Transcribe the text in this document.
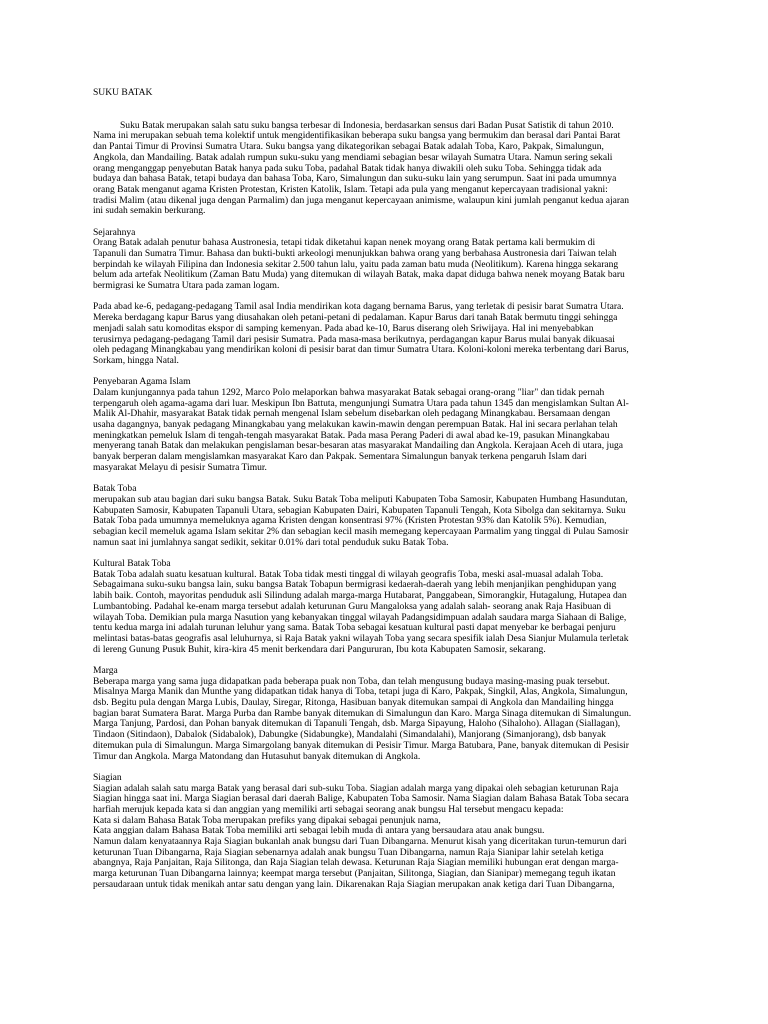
SUKU BATAK
Suku Batak merupakan salah satu suku bangsa terbesar di Indonesia, berdasarkan sensus dari Badan Pusat Satistik di tahun 2010.
Nama ini merupakan sebuah tema kolektif untuk mengidentifikasikan beberapa suku bangsa yang bermukim dan berasal dari Pantai Barat
dan Pantai Timur di Provinsi Sumatra Utara. Suku bangsa yang dikategorikan sebagai Batak adalah Toba, Karo, Pakpak, Simalungun,
Angkola, dan Mandailing. Batak adalah rumpun suku-suku yang mendiami sebagian besar wilayah Sumatra Utara. Namun sering sekali
orang menganggap penyebutan Batak hanya pada suku Toba, padahal Batak tidak hanya diwakili oleh suku Toba. Sehingga tidak ada
budaya dan bahasa Batak, tetapi budaya dan bahasa Toba, Karo, Simalungun dan suku-suku lain yang serumpun. Saat ini pada umumnya
orang Batak menganut agama Kristen Protestan, Kristen Katolik, Islam. Tetapi ada pula yang menganut kepercayaan tradisional yakni:
tradisi Malim (atau dikenal juga dengan Parmalim) dan juga menganut kepercayaan animisme, walaupun kini jumlah penganut kedua ajaran
ini sudah semakin berkurang.
Sejarahnya
Orang Batak adalah penutur bahasa Austronesia, tetapi tidak diketahui kapan nenek moyang orang Batak pertama kali bermukim di
Tapanuli dan Sumatra Timur. Bahasa dan bukti-bukti arkeologi menunjukkan bahwa orang yang berbahasa Austronesia dari Taiwan telah
berpindah ke wilayah Filipina dan Indonesia sekitar 2.500 tahun lalu, yaitu pada zaman batu muda (Neolitikum). Karena hingga sekarang
belum ada artefak Neolitikum (Zaman Batu Muda) yang ditemukan di wilayah Batak, maka dapat diduga bahwa nenek moyang Batak baru
bermigrasi ke Sumatra Utara pada zaman logam.
Pada abad ke-6, pedagang-pedagang Tamil asal India mendirikan kota dagang bernama Barus, yang terletak di pesisir barat Sumatra Utara.
Mereka berdagang kapur Barus yang diusahakan oleh petani-petani di pedalaman. Kapur Barus dari tanah Batak bermutu tinggi sehingga
menjadi salah satu komoditas ekspor di samping kemenyan. Pada abad ke-10, Barus diserang oleh Sriwijaya. Hal ini menyebabkan
terusirnya pedagang-pedagang Tamil dari pesisir Sumatra. Pada masa-masa berikutnya, perdagangan kapur Barus mulai banyak dikuasai
oleh pedagang Minangkabau yang mendirikan koloni di pesisir barat dan timur Sumatra Utara. Koloni-koloni mereka terbentang dari Barus,
Sorkam, hingga Natal.
Penyebaran Agama Islam
Dalam kunjungannya pada tahun 1292, Marco Polo melaporkan bahwa masyarakat Batak sebagai orang-orang "liar" dan tidak pernah
terpengaruh oleh agama-agama dari luar. Meskipun Ibn Battuta, mengunjungi Sumatra Utara pada tahun 1345 dan mengislamkan Sultan Al-
Malik Al-Dhahir, masyarakat Batak tidak pernah mengenal Islam sebelum disebarkan oleh pedagang Minangkabau. Bersamaan dengan
usaha dagangnya, banyak pedagang Minangkabau yang melakukan kawin-mawin dengan perempuan Batak. Hal ini secara perlahan telah
meningkatkan pemeluk Islam di tengah-tengah masyarakat Batak. Pada masa Perang Paderi di awal abad ke-19, pasukan Minangkabau
menyerang tanah Batak dan melakukan pengislaman besar-besaran atas masyarakat Mandailing dan Angkola. Kerajaan Aceh di utara, juga
banyak berperan dalam mengislamkan masyarakat Karo dan Pakpak. Sementara Simalungun banyak terkena pengaruh Islam dari
masyarakat Melayu di pesisir Sumatra Timur.
Batak Toba
merupakan sub atau bagian dari suku bangsa Batak. Suku Batak Toba meliputi Kabupaten Toba Samosir, Kabupaten Humbang Hasundutan,
Kabupaten Samosir, Kabupaten Tapanuli Utara, sebagian Kabupaten Dairi, Kabupaten Tapanuli Tengah, Kota Sibolga dan sekitarnya. Suku
Batak Toba pada umumnya memeluknya agama Kristen dengan konsentrasi 97% (Kristen Protestan 93% dan Katolik 5%). Kemudian,
sebagian kecil memeluk agama Islam sekitar 2% dan sebagian kecil masih memegang kepercayaan Parmalim yang tinggal di Pulau Samosir
namun saat ini jumlahnya sangat sedikit, sekitar 0.01% dari total penduduk suku Batak Toba.
Kultural Batak Toba
Batak Toba adalah suatu kesatuan kultural. Batak Toba tidak mesti tinggal di wilayah geografis Toba, meski asal-muasal adalah Toba.
Sebagaimana suku-suku bangsa lain, suku bangsa Batak Tobapun bermigrasi kedaerah-daerah yang lebih menjanjikan penghidupan yang
labih baik. Contoh, mayoritas penduduk asli Silindung adalah marga-marga Hutabarat, Panggabean, Simorangkir, Hutagalung, Hutapea dan
Lumbantobing. Padahal ke-enam marga tersebut adalah keturunan Guru Mangaloksa yang adalah salah- seorang anak Raja Hasibuan di
wilayah Toba. Demikian pula marga Nasution yang kebanyakan tinggal wilayah Padangsidimpuan adalah saudara marga Siahaan di Balige,
tentu kedua marga ini adalah turunan leluhur yang sama. Batak Toba sebagai kesatuan kultural pasti dapat menyebar ke berbagai penjuru
melintasi batas-batas geografis asal leluhurnya, si Raja Batak yakni wilayah Toba yang secara spesifik ialah Desa Sianjur Mulamula terletak
di lereng Gunung Pusuk Buhit, kira-kira 45 menit berkendara dari Pangururan, Ibu kota Kabupaten Samosir, sekarang.
Marga
Beberapa marga yang sama juga didapatkan pada beberapa puak non Toba, dan telah mengusung budaya masing-masing puak tersebut.
Misalnya Marga Manik dan Munthe yang didapatkan tidak hanya di Toba, tetapi juga di Karo, Pakpak, Singkil, Alas, Angkola, Simalungun,
dsb. Begitu pula dengan Marga Lubis, Daulay, Siregar, Ritonga, Hasibuan banyak ditemukan sampai di Angkola dan Mandailing hingga
bagian barat Sumatera Barat. Marga Purba dan Rambe banyak ditemukan di Simalungun dan Karo. Marga Sinaga ditemukan di Simalungun.
Marga Tanjung, Pardosi, dan Pohan banyak ditemukan di Tapanuli Tengah, dsb. Marga Sipayung, Haloho (Sihaloho). Allagan (Siallagan),
Tindaon (Sitindaon), Dabalok (Sidabalok), Dabungke (Sidabungke), Mandalahi (Simandalahi), Manjorang (Simanjorang), dsb banyak
ditemukan pula di Simalungun. Marga Simargolang banyak ditemukan di Pesisir Timur. Marga Batubara, Pane, banyak ditemukan di Pesisir
Timur dan Angkola. Marga Matondang dan Hutasuhut banyak ditemukan di Angkola.
Siagian
Siagian adalah salah satu marga Batak yang berasal dari sub-suku Toba. Siagian adalah marga yang dipakai oleh sebagian keturunan Raja
Siagian hingga saat ini. Marga Siagian berasal dari daerah Balige, Kabupaten Toba Samosir. Nama Siagian dalam Bahasa Batak Toba secara
harfiah merujuk kepada kata si dan anggian yang memiliki arti sebagai seorang anak bungsu Hal tersebut mengacu kepada:
Kata si dalam Bahasa Batak Toba merupakan prefiks yang dipakai sebagai penunjuk nama,
Kata anggian dalam Bahasa Batak Toba memiliki arti sebagai lebih muda di antara yang bersaudara atau anak bungsu.
Namun dalam kenyataannya Raja Siagian bukanlah anak bungsu dari Tuan Dibangarna. Menurut kisah yang diceritakan turun-temurun dari
keturunan Tuan Dibangarna, Raja Siagian sebenarnya adalah anak bungsu Tuan Dibangarna, namun Raja Sianipar lahir setelah ketiga
abangnya, Raja Panjaitan, Raja Silitonga, dan Raja Siagian telah dewasa. Keturunan Raja Siagian memiliki hubungan erat dengan marga-
marga keturunan Tuan Dibangarna lainnya; keempat marga tersebut (Panjaitan, Silitonga, Siagian, dan Sianipar) memegang teguh ikatan
persaudaraan untuk tidak menikah antar satu dengan yang lain. Dikarenakan Raja Siagian merupakan anak ketiga dari Tuan Dibangarna,
